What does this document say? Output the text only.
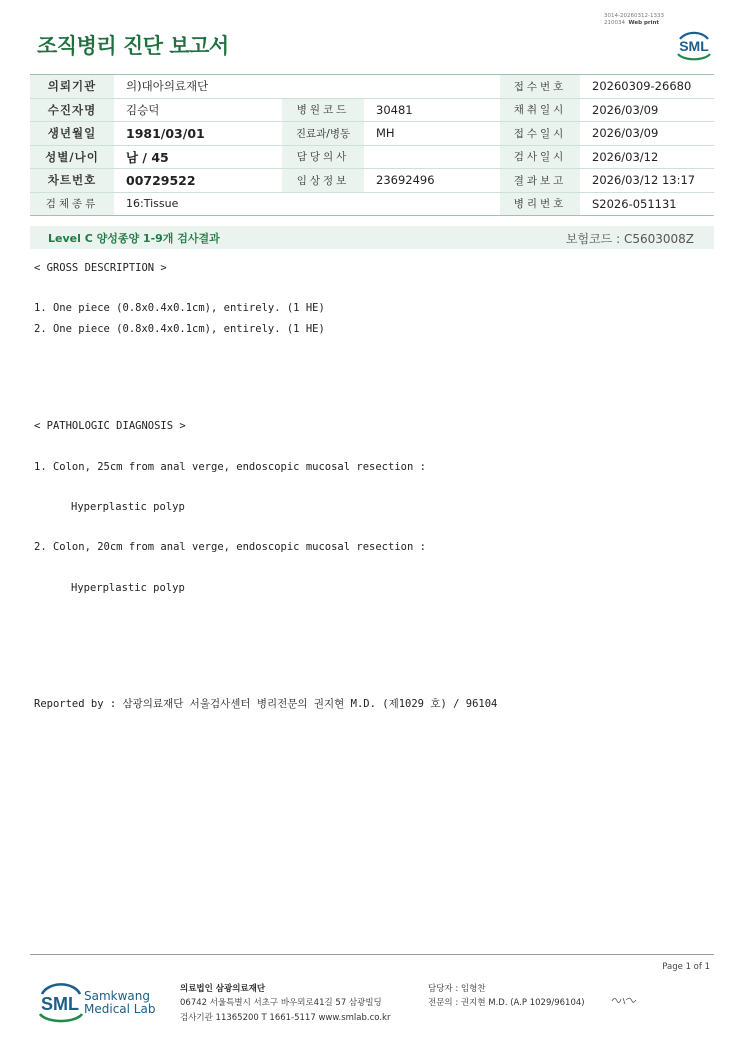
3014-20260312-1333
210034 Web print
조직병리 진단 보고서	SML
의뢰기관	의)대아의료재단			접수번호	20260309-26680
수진자명	김승덕	병원코드	30481	채취일시	2026/03/09
생년월일	1981/03/01	진료과/병동	MH	접수일시	2026/03/09
성별/나이	남 / 45	담당의사		검사일시	2026/03/12
차트번호	00729522	임상정보	23692496	결과보고	2026/03/12 13:17
검체종류	16:Tissue			병리번호	S2026-051131
Level C 양성종양 1-9개 검사결과	보험코드 : C5603008Z
< GROSS DESCRIPTION >
1. One piece (0.8x0.4x0.1cm), entirely. (1 HE)
2. One piece (0.8x0.4x0.1cm), entirely. (1 HE)
< PATHOLOGIC DIAGNOSIS >
1. Colon, 25cm from anal verge, endoscopic mucosal resection :
Hyperplastic polyp
2. Colon, 20cm from anal verge, endoscopic mucosal resection :
Hyperplastic polyp
Reported by : 삼광의료재단 서울검사센터 병리전문의 권지현 M.D. (제1029 호) / 96104
Page 1 of 1
SML Samkwang
Medical Lab
의료법인 삼광의료재단
06742 서울특별시 서초구 바우뫼로41길 57 삼광빌딩
검사기관 11365200 T 1661-5117 www.smlab.co.kr
담당자 : 임형찬
전문의 : 권지현 M.D. (A.P 1029/96104)
